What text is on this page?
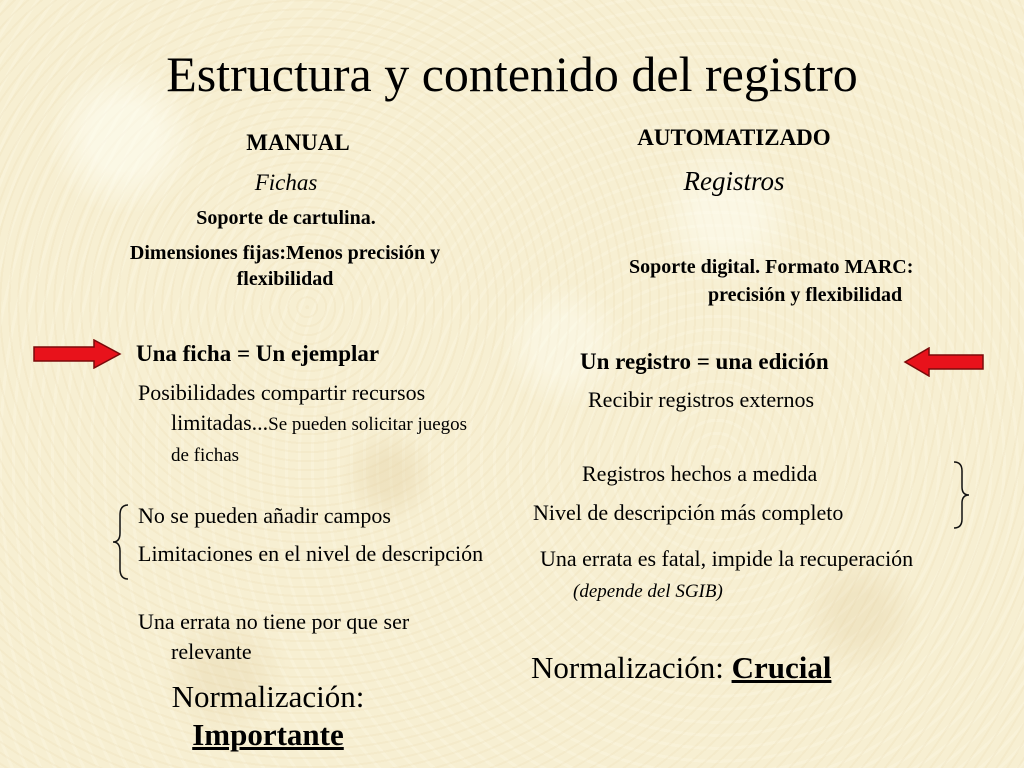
Estructura y contenido del registro
MANUAL
Fichas
Soporte de cartulina.
Dimensiones fijas:Menos precisión y flexibilidad
Una ficha = Un ejemplar
Posibilidades compartir recursos limitadas...Se pueden solicitar juegos de fichas
No se pueden añadir campos
Limitaciones en el nivel de descripción
Una errata no tiene por que ser relevante
Normalización:
Importante
AUTOMATIZADO
Registros
Soporte digital. Formato MARC: precisión y flexibilidad
Un registro = una edición
Recibir registros externos
Registros hechos a medida
Nivel de descripción más completo
Una errata es fatal, impide la recuperación (depende del SGIB)
Normalización: Crucial
